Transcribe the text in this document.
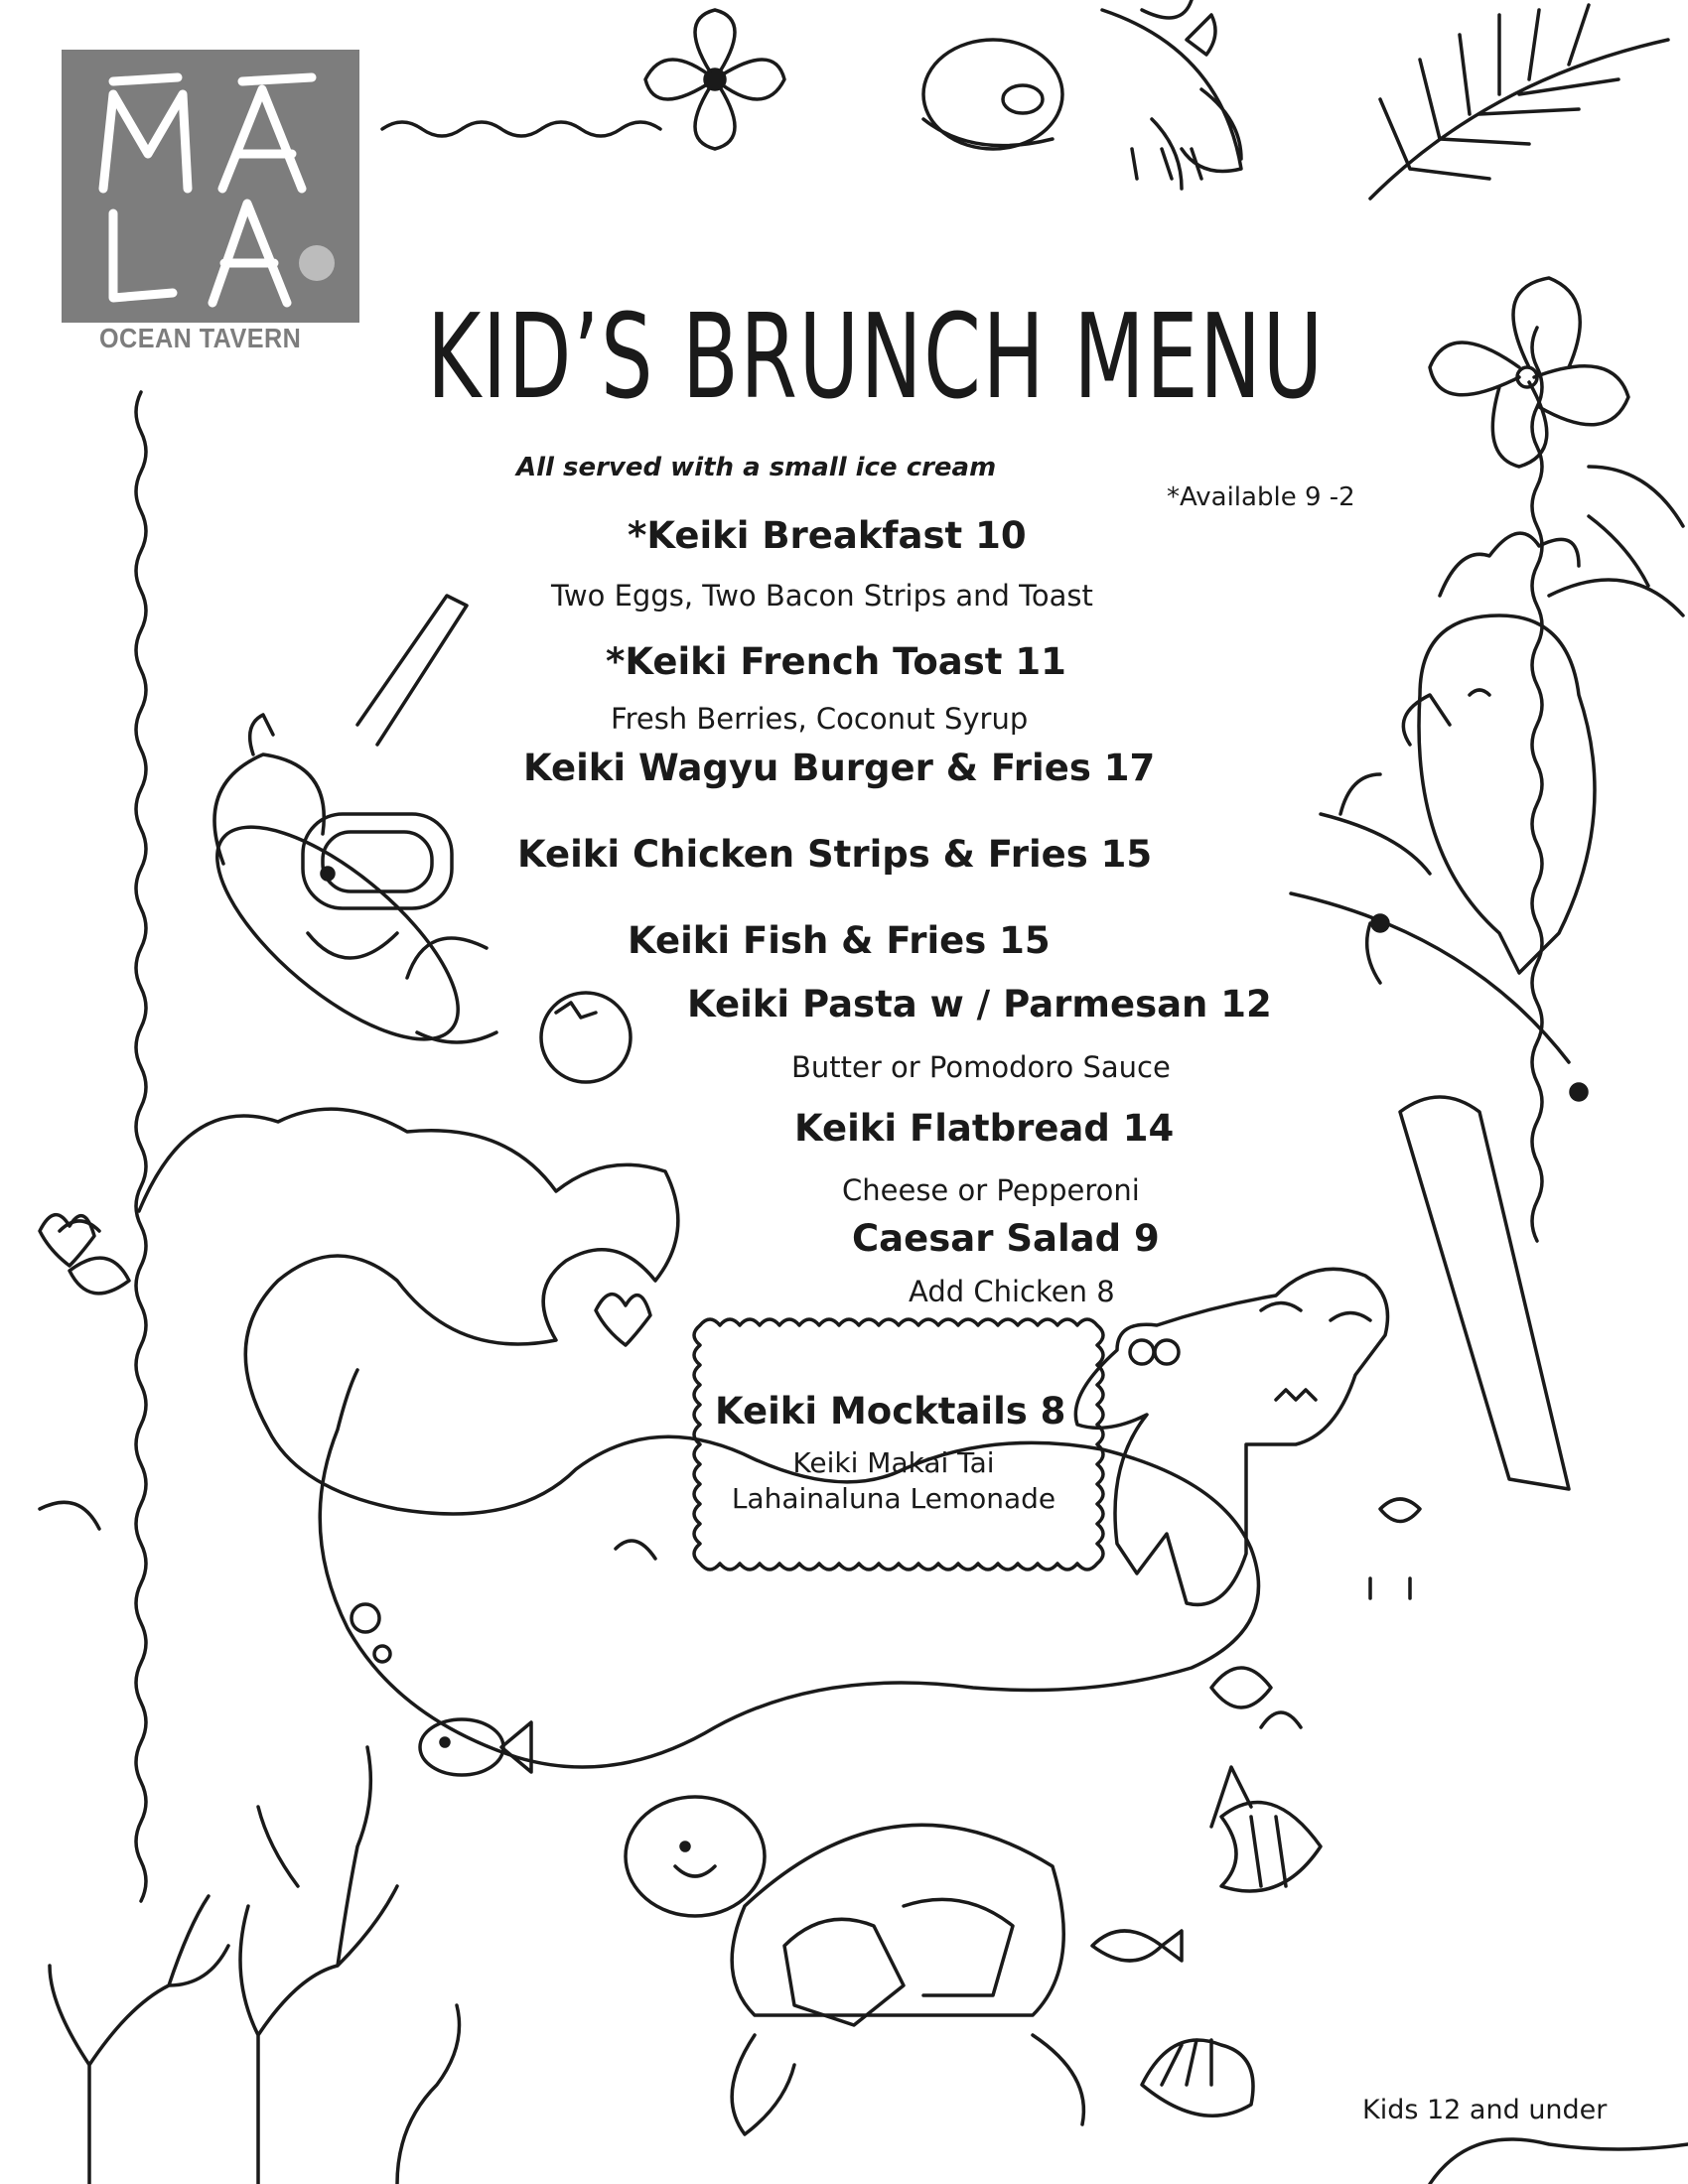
OCEAN TAVERN KID’S BRUNCH MENU
All served with a small ice cream
*Available 9 -2
*Keiki Breakfast 10
Two Eggs, Two Bacon Strips and Toast
*Keiki French Toast 11
Fresh Berries, Coconut Syrup
Keiki Wagyu Burger & Fries 17
Keiki Chicken Strips & Fries 15
Keiki Fish & Fries 15
Keiki Pasta w / Parmesan 12
Butter or Pomodoro Sauce
Keiki Flatbread 14
Cheese or Pepperoni
Caesar Salad 9
Add Chicken 8
Keiki Mocktails 8
Keiki Makai Tai
Lahainaluna Lemonade
Kids 12 and under
